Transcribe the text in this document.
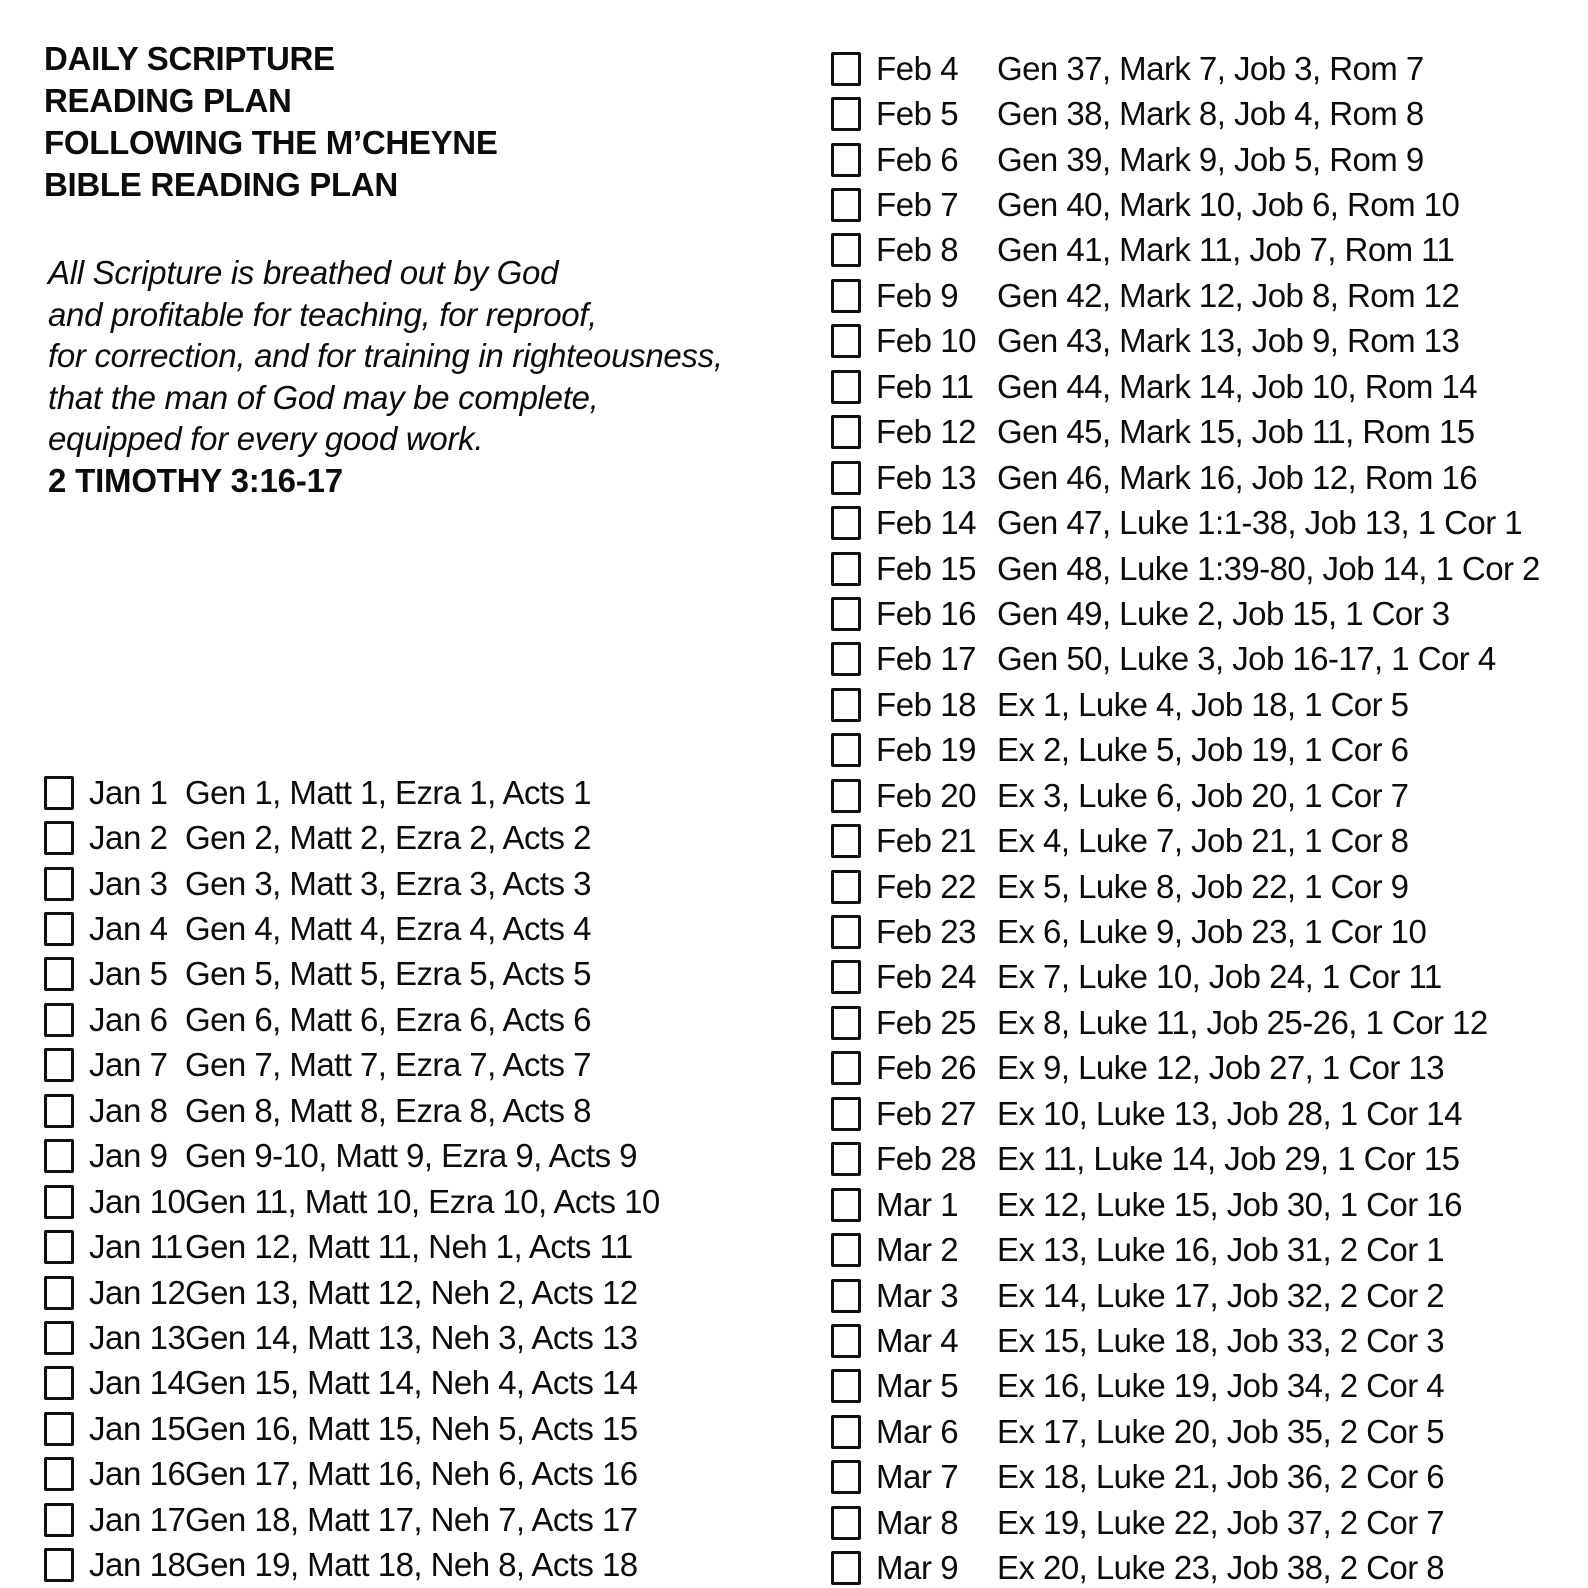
DAILY SCRIPTURE
READING PLAN
FOLLOWING THE M’CHEYNE
BIBLE READING PLAN
All Scripture is breathed out by God
and profitable for teaching, for reproof,
for correction, and for training in righteousness,
that the man of God may be complete,
equipped for every good work.
2 TIMOTHY 3:16-17
Jan 1 Gen 1, Matt 1, Ezra 1, Acts 1
Jan 2 Gen 2, Matt 2, Ezra 2, Acts 2
Jan 3 Gen 3, Matt 3, Ezra 3, Acts 3
Jan 4 Gen 4, Matt 4, Ezra 4, Acts 4
Jan 5 Gen 5, Matt 5, Ezra 5, Acts 5
Jan 6 Gen 6, Matt 6, Ezra 6, Acts 6
Jan 7 Gen 7, Matt 7, Ezra 7, Acts 7
Jan 8 Gen 8, Matt 8, Ezra 8, Acts 8
Jan 9 Gen 9-10, Matt 9, Ezra 9, Acts 9
Jan 10 Gen 11, Matt 10, Ezra 10, Acts 10
Jan 11 Gen 12, Matt 11, Neh 1, Acts 11
Jan 12 Gen 13, Matt 12, Neh 2, Acts 12
Jan 13 Gen 14, Matt 13, Neh 3, Acts 13
Jan 14 Gen 15, Matt 14, Neh 4, Acts 14
Jan 15 Gen 16, Matt 15, Neh 5, Acts 15
Jan 16 Gen 17, Matt 16, Neh 6, Acts 16
Jan 17 Gen 18, Matt 17, Neh 7, Acts 17
Jan 18 Gen 19, Matt 18, Neh 8, Acts 18
Feb 4	Gen 37, Mark 7, Job 3, Rom 7
Feb 5	Gen 38, Mark 8, Job 4, Rom 8
Feb 6	Gen 39, Mark 9, Job 5, Rom 9
Feb 7	Gen 40, Mark 10, Job 6, Rom 10
Feb 8	Gen 41, Mark 11, Job 7, Rom 11
Feb 9	Gen 42, Mark 12, Job 8, Rom 12
Feb 10 Gen 43, Mark 13, Job 9, Rom 13
Feb 11 Gen 44, Mark 14, Job 10, Rom 14
Feb 12 Gen 45, Mark 15, Job 11, Rom 15
Feb 13 Gen 46, Mark 16, Job 12, Rom 16
Feb 14 Gen 47, Luke 1:1-38, Job 13, 1 Cor 1
Feb 15 Gen 48, Luke 1:39-80, Job 14, 1 Cor 2
Feb 16 Gen 49, Luke 2, Job 15, 1 Cor 3
Feb 17 Gen 50, Luke 3, Job 16-17, 1 Cor 4
Feb 18 Ex 1, Luke 4, Job 18, 1 Cor 5
Feb 19 Ex 2, Luke 5, Job 19, 1 Cor 6
Feb 20 Ex 3, Luke 6, Job 20, 1 Cor 7
Feb 21 Ex 4, Luke 7, Job 21, 1 Cor 8
Feb 22 Ex 5, Luke 8, Job 22, 1 Cor 9
Feb 23 Ex 6, Luke 9, Job 23, 1 Cor 10
Feb 24 Ex 7, Luke 10, Job 24, 1 Cor 11
Feb 25 Ex 8, Luke 11, Job 25-26, 1 Cor 12
Feb 26 Ex 9, Luke 12, Job 27, 1 Cor 13
Feb 27 Ex 10, Luke 13, Job 28, 1 Cor 14
Feb 28 Ex 11, Luke 14, Job 29, 1 Cor 15
Mar 1	Ex 12, Luke 15, Job 30, 1 Cor 16
Mar 2	Ex 13, Luke 16, Job 31, 2 Cor 1
Mar 3	Ex 14, Luke 17, Job 32, 2 Cor 2
Mar 4	Ex 15, Luke 18, Job 33, 2 Cor 3
Mar 5	Ex 16, Luke 19, Job 34, 2 Cor 4
Mar 6	Ex 17, Luke 20, Job 35, 2 Cor 5
Mar 7	Ex 18, Luke 21, Job 36, 2 Cor 6
Mar 8	Ex 19, Luke 22, Job 37, 2 Cor 7
Mar 9	Ex 20, Luke 23, Job 38, 2 Cor 8
